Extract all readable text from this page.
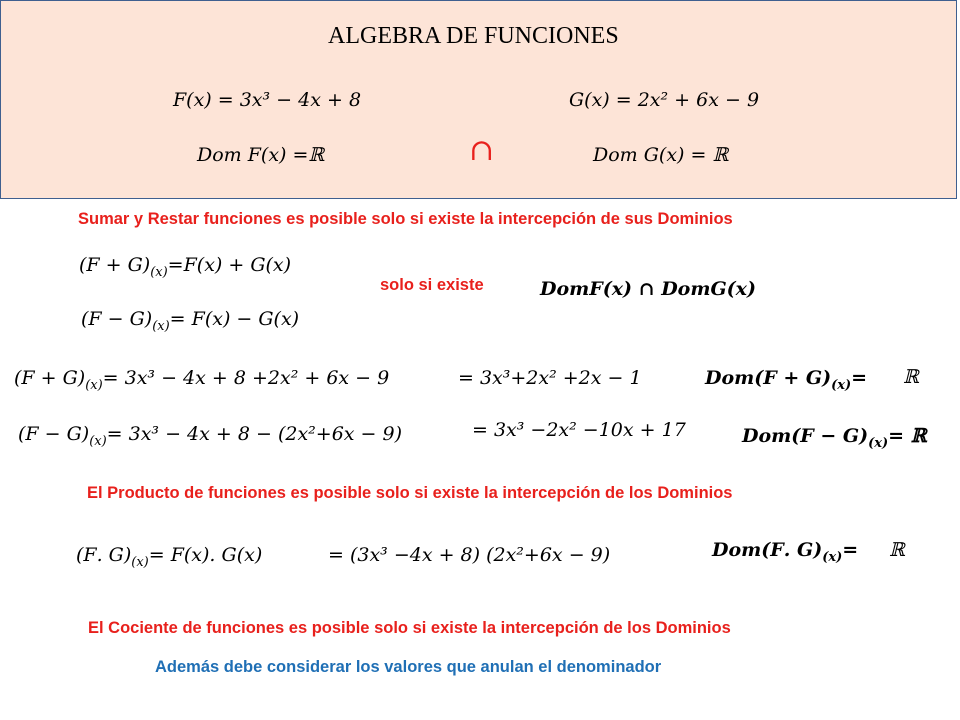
ALGEBRA DE FUNCIONES
𝐹(𝑥) = 3𝑥³ − 4𝑥 + 8	𝐺(𝑥) = 2𝑥² + 6𝑥 − 9
𝐷𝑜𝑚 𝐹(𝑥) =ℝ	∩	𝐷𝑜𝑚 𝐺(𝑥) = ℝ
Sumar y Restar funciones es posible solo si existe la intercepción de sus Dominios
(𝐹 + $𝐺)_{(𝑥)}=𝐹(𝑥)$ + 𝐺(𝑥)
solo si existe	𝑫𝒐𝒎𝑭(𝒙) ∩ 𝑫𝒐𝒎𝑮(𝒙)
(𝐹 − $𝐺)_{(𝑥)}=$ 𝐹(𝑥) − 𝐺(𝑥)
(𝐹 + $𝐺)_{(𝑥)}=$ 3𝑥³ − 4𝑥 + 8 +2𝑥² + 6𝑥 − 9	= 3𝑥³+2𝑥² +2𝑥 − 1	𝑫𝒐𝒎(𝑭 + $𝑮)_{(𝒙)}=$ ℝ
(𝐹 − $𝐺)_{(𝑥)}=$ 3𝑥³ − 4𝑥 + 8 − (2𝑥²+6𝑥 − 9)	= 3𝑥³ −2𝑥² −10𝑥 + 17	𝑫𝒐𝒎(𝑭 − $𝑮)_{(𝒙)}=$ ℝ
El Producto de funciones es posible solo si existe la intercepción de los Dominios
(𝐹. $𝐺)_{(𝑥)}=$ 𝐹(𝑥). 𝐺(𝑥)	= (3𝑥³ −4𝑥 + 8) (2𝑥²+6𝑥 − 9)	𝑫𝒐𝒎(𝑭. $𝑮)_{(𝒙)}=$ ℝ
El Cociente de funciones es posible solo si existe la intercepción de los Dominios
Además debe considerar los valores que anulan el denominador
